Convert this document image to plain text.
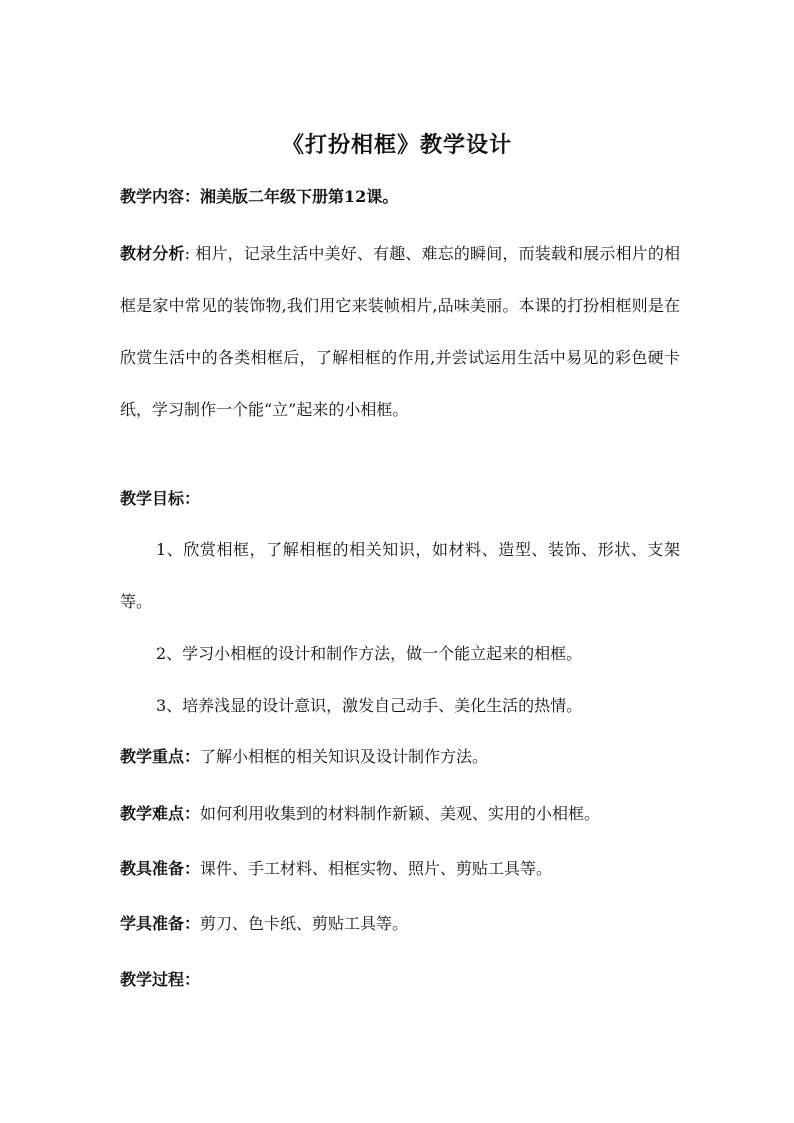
《打扮相框》教学设计
教学内容：湘美版二年级下册第12课。
教材分析: 相片，记录生活中美好、有趣、难忘的瞬间，而装载和展示相片的相框是家中常见的装饰物,我们用它来装帧相片,品味美丽。本课的打扮相框则是在欣赏生活中的各类相框后，了解相框的作用,并尝试运用生活中易见的彩色硬卡纸，学习制作一个能“立”起来的小相框。
教学目标：
1、欣赏相框，了解相框的相关知识，如材料、造型、装饰、形状、支架等。
2、学习小相框的设计和制作方法，做一个能立起来的相框。
3、培养浅显的设计意识，激发自己动手、美化生活的热情。
教学重点：了解小相框的相关知识及设计制作方法。
教学难点：如何利用收集到的材料制作新颖、美观、实用的小相框。
教具准备：课件、手工材料、相框实物、照片、剪贴工具等。
学具准备：剪刀、色卡纸、剪贴工具等。
教学过程：
